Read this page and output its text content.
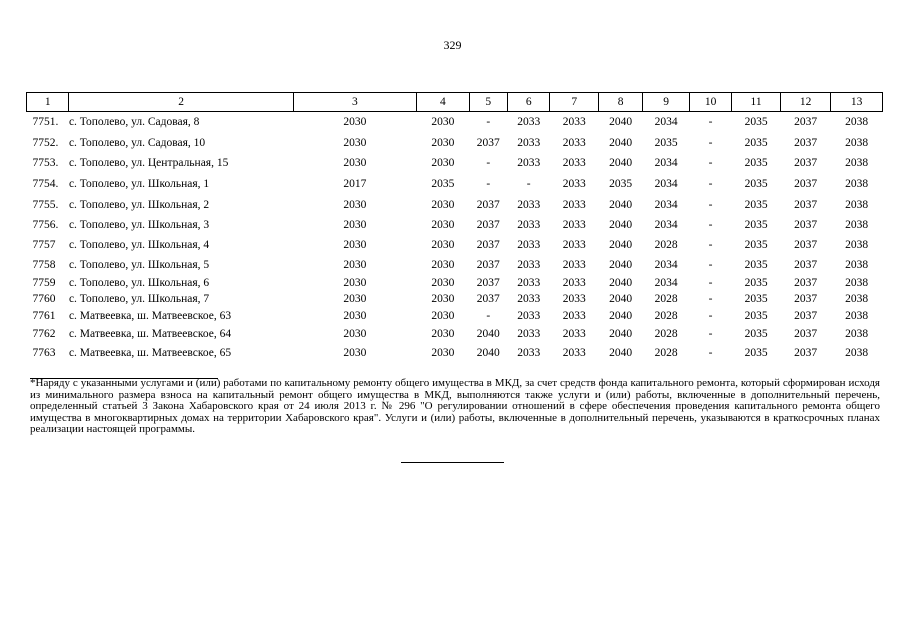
329
1	2	3	4	5	6	7	8	9	10	11	12	13
7751.	с. Тополево, ул. Садовая, 8	2030	2030	-	2033	2033	2040	2034	-	2035	2037	2038
7752.	с. Тополево, ул. Садовая, 10	2030	2030	2037	2033	2033	2040	2035	-	2035	2037	2038
7753.	с. Тополево, ул. Центральная, 15	2030	2030	-	2033	2033	2040	2034	-	2035	2037	2038
7754.	с. Тополево, ул. Школьная, 1	2017	2035	-	-	2033	2035	2034	-	2035	2037	2038
7755.	с. Тополево, ул. Школьная, 2	2030	2030	2037	2033	2033	2040	2034	-	2035	2037	2038
7756.	с. Тополево, ул. Школьная, 3	2030	2030	2037	2033	2033	2040	2034	-	2035	2037	2038
7757	с. Тополево, ул. Школьная, 4	2030	2030	2037	2033	2033	2040	2028	-	2035	2037	2038
7758	с. Тополево, ул. Школьная, 5	2030	2030	2037	2033	2033	2040	2034	-	2035	2037	2038
7759	с. Тополево, ул. Школьная, 6	2030	2030	2037	2033	2033	2040	2034	-	2035	2037	2038
7760	с. Тополево, ул. Школьная, 7	2030	2030	2037	2033	2033	2040	2028	-	2035	2037	2038
7761	с. Матвеевка, ш. Матвеевское, 63	2030	2030	-	2033	2033	2040	2028	-	2035	2037	2038
7762	с. Матвеевка, ш. Матвеевское, 64	2030	2030	2040	2033	2033	2040	2028	-	2035	2037	2038
7763	с. Матвеевка, ш. Матвеевское, 65	2030	2030	2040	2033	2033	2040	2028	-	2035	2037	2038
*Наряду с указанными услугами и (или) работами по капитальному ремонту общего имущества в МКД, за счет средств фонда капитального ремонта, который сформирован исходя из минимального размера взноса на капитальный ремонт общего имущества в МКД, выполняются также услуги и (или) работы, включенные в дополнительный перечень, определенный статьей 3 Закона Хабаровского края от 24 июля 2013 г. № 296 "О регулировании отношений в сфере обеспечения проведения капитального ремонта общего имущества в многоквартирных домах на территории Хабаровского края". Услуги и (или) работы, включенные в дополнительный перечень, указываются в краткосрочных планах реализации настоящей программы.
